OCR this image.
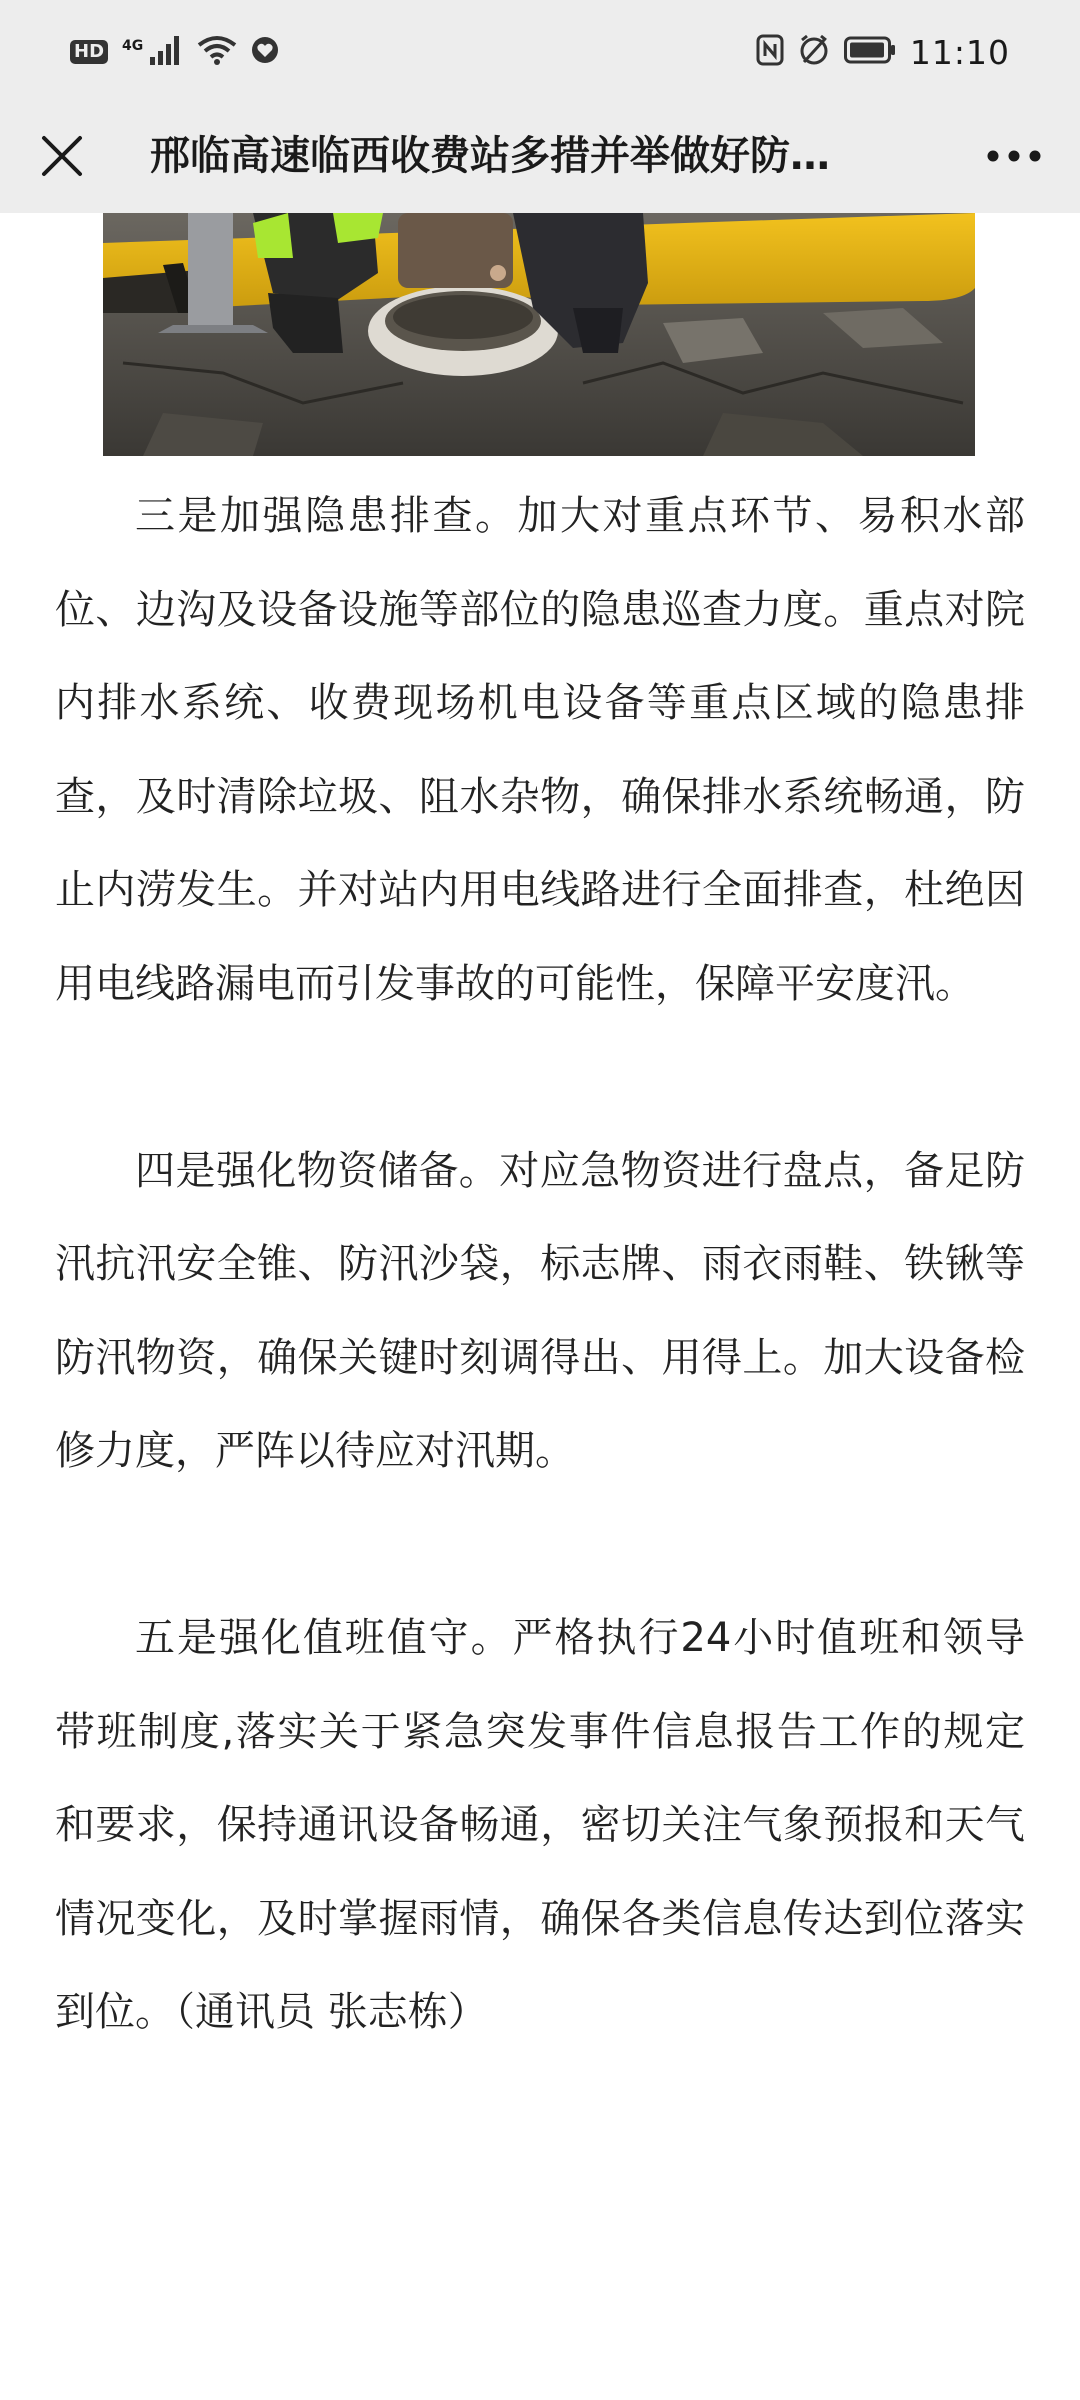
HD 4G	11:10
邢临高速临西收费站多措并举做好防…

三是加强隐患排查。加大对重点环节、易积水部位、边沟及设备设施等部位的隐患巡查力度。重点对院内排水系统、收费现场机电设备等重点区域的隐患排查，及时清除垃圾、阻水杂物，确保排水系统畅通，防止内涝发生。并对站内用电线路进行全面排查，杜绝因用电线路漏电而引发事故的可能性，保障平安度汛。

四是强化物资储备。对应急物资进行盘点，备足防汛抗汛安全锥、防汛沙袋，标志牌、雨衣雨鞋、铁锹等防汛物资，确保关键时刻调得出、用得上。加大设备检修力度，严阵以待应对汛期。

五是强化值班值守。严格执行24小时值班和领导带班制度,落实关于紧急突发事件信息报告工作的规定和要求，保持通讯设备畅通，密切关注气象预报和天气情况变化，及时掌握雨情，确保各类信息传达到位落实到位。（通讯员 张志栋）
